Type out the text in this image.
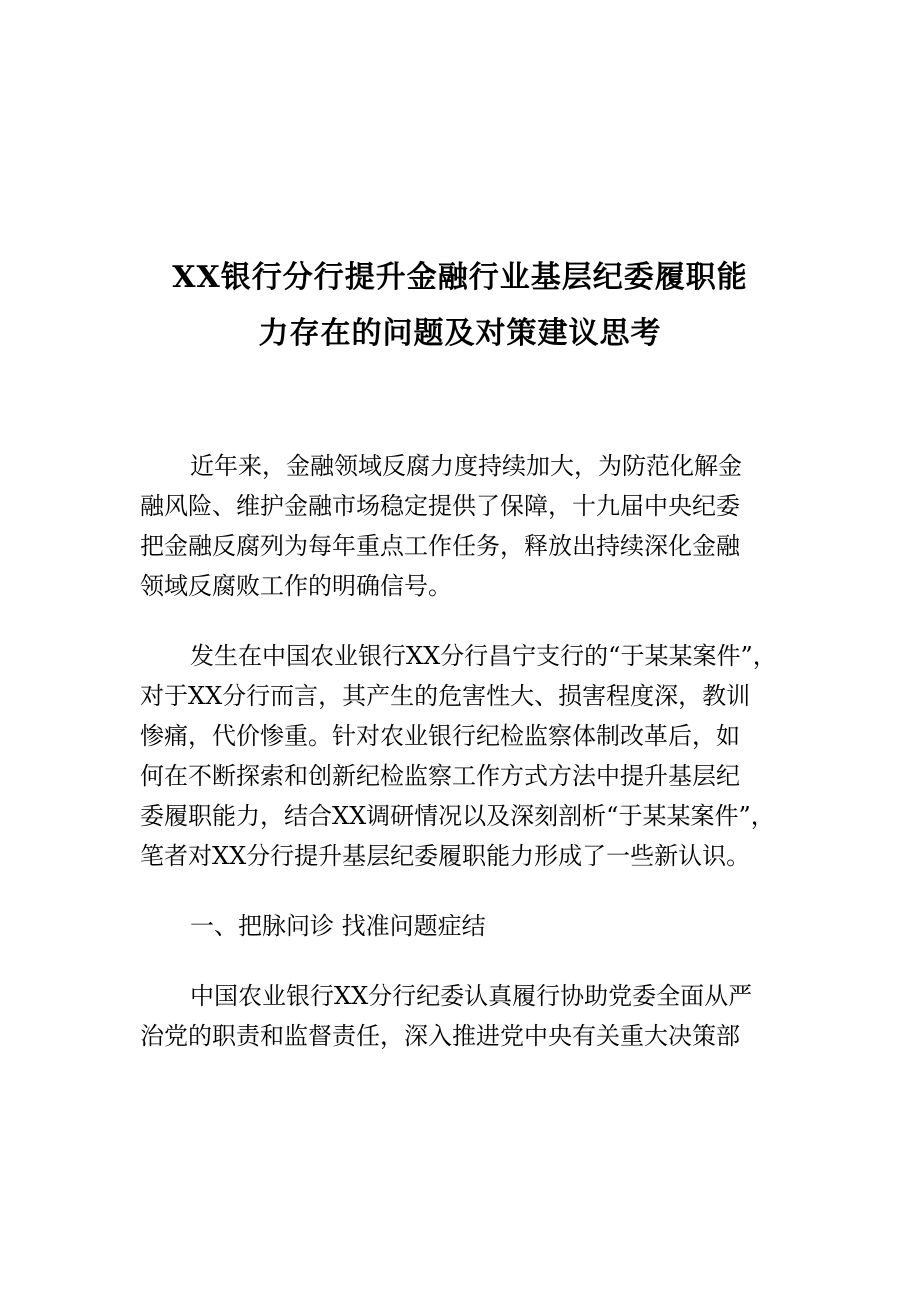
XX银行分行提升金融行业基层纪委履职能
力存在的问题及对策建议思考
近年来，金融领域反腐力度持续加大，为防范化解金
融风险、维护金融市场稳定提供了保障，十九届中央纪委
把金融反腐列为每年重点工作任务，释放出持续深化金融
领域反腐败工作的明确信号。
发生在中国农业银行XX分行昌宁支行的“于某某案件”，
对于XX分行而言，其产生的危害性大、损害程度深，教训
惨痛，代价惨重。针对农业银行纪检监察体制改革后，如
何在不断探索和创新纪检监察工作方式方法中提升基层纪
委履职能力，结合XX调研情况以及深刻剖析“于某某案件”，
笔者对XX分行提升基层纪委履职能力形成了一些新认识。
一、把脉问诊 找准问题症结
中国农业银行XX分行纪委认真履行协助党委全面从严
治党的职责和监督责任，深入推进党中央有关重大决策部
